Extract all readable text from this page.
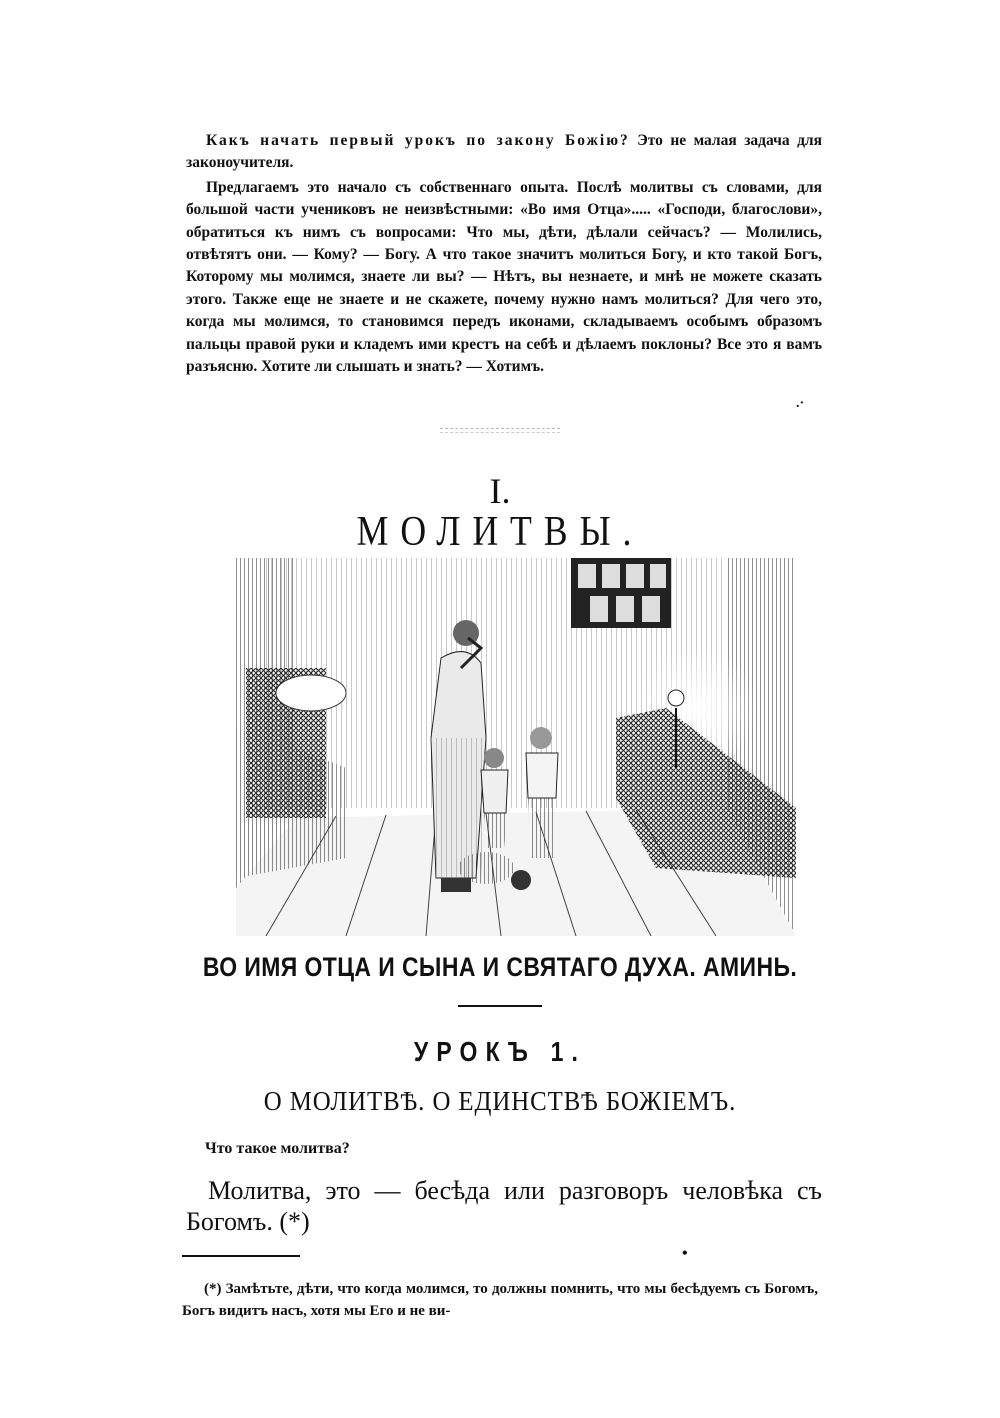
Какъ начать первый урокъ по закону Божiю? Это не малая задача для законоучителя.

Предлагаемъ это начало съ собственнаго опыта. Послѣ молитвы съ словами, для большой части учениковъ не неизвѣстными: «Во имя Отца»..... «Господи, благослови», обратиться къ нимъ съ вопросами: Что мы, дѣти, дѣлали сейчасъ? — Молились, отвѣтятъ они. — Кому? — Богу. А что такое значитъ молиться Богу, и кто такой Богъ, Которому мы молимся, знаете ли вы? — Нѣтъ, вы незнаете, и мнѣ не можете сказать этого. Также еще не знаете и не скажете, почему нужно намъ молиться? Для чего это, когда мы молимся, то становимся передъ иконами, складываемъ особымъ образомъ пальцы правой руки и кладемъ ими крестъ на себѣ и дѣлаемъ поклоны? Все это я вамъ разъясню. Хотите ли слышать и знать? — Хотимъ.

.·
I.
МОЛИТВЫ.
ВО ИМЯ ОТЦА И СЫНА И СВЯТАГО ДУХА. АМИНЬ.
УРОКЪ 1.
О МОЛИТВѢ. О ЕДИНСТВѢ БОЖIЕМЪ.
Что такое молитва?
Молитва, это — бесѣда или разговоръ человѣка съ Богомъ. (*)
•
(*) Замѣтьте, дѣти, что когда молимся, то должны помнить, что мы бесѣдуемъ съ Богомъ, Богъ видитъ насъ, хотя мы Его и не ви-
